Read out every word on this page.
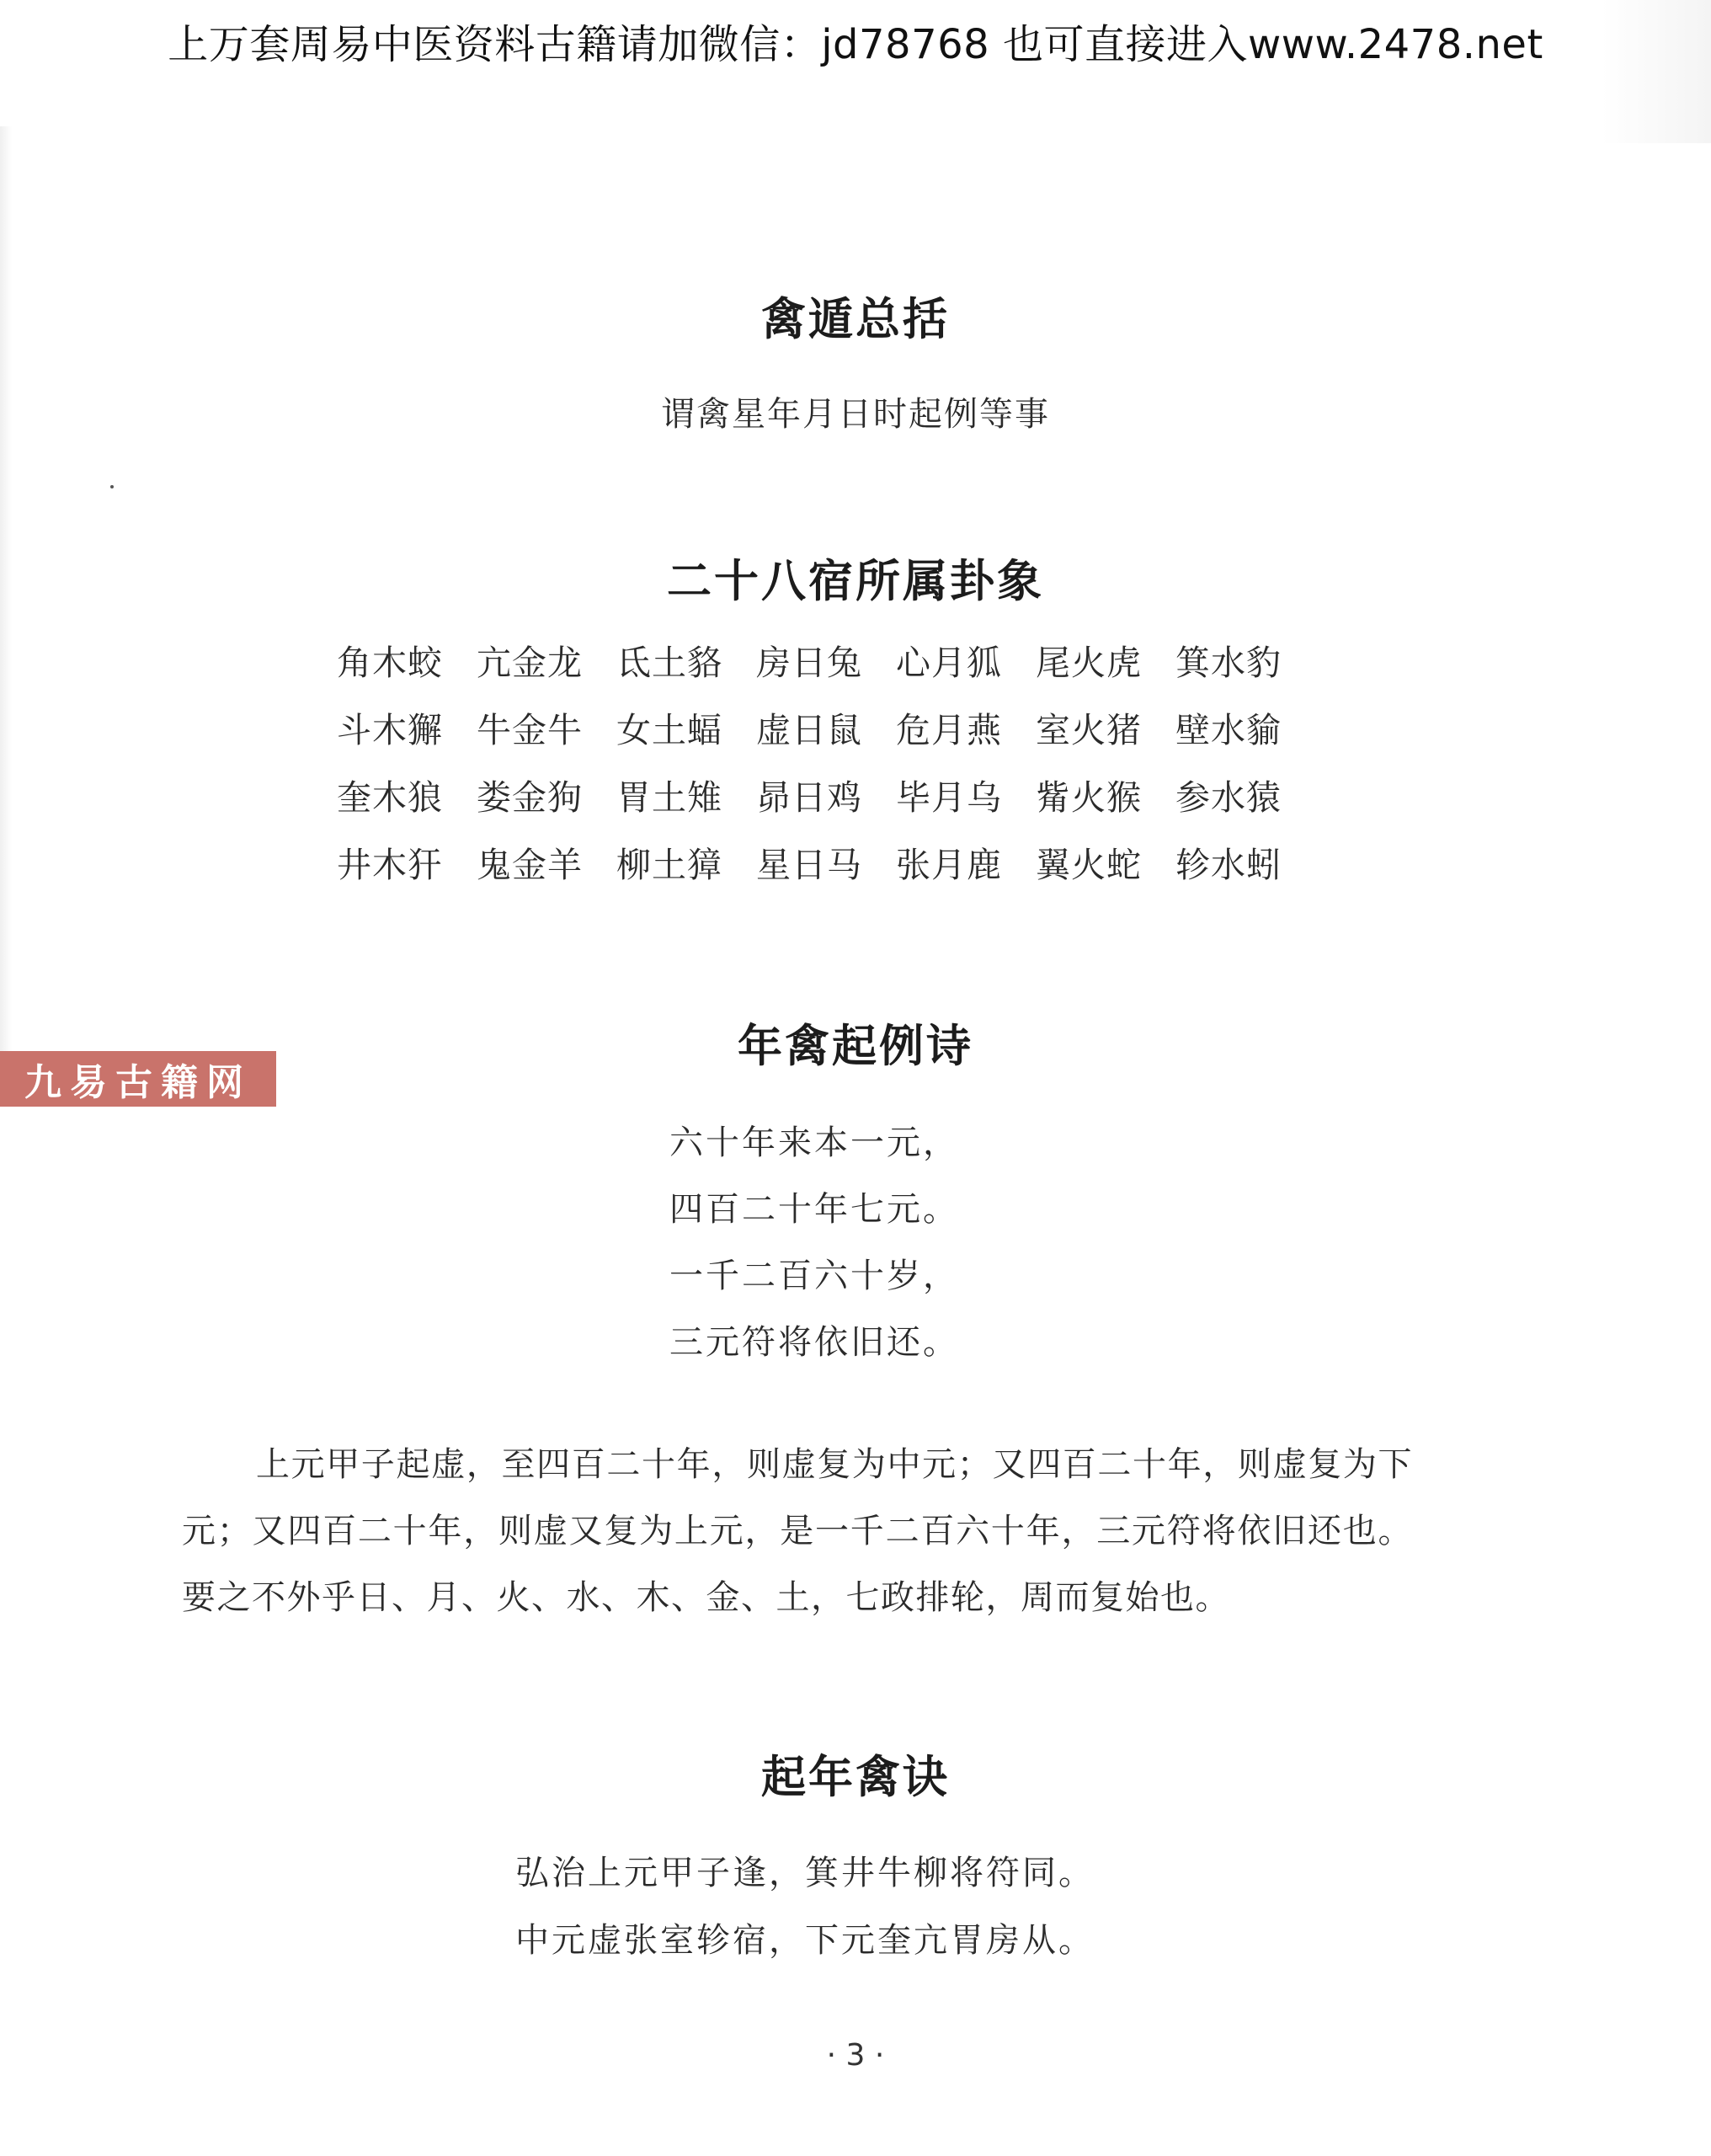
上万套周易中医资料古籍请加微信：jd78768 也可直接进入www.2478.net
禽遁总括
谓禽星年月日时起例等事
二十八宿所属卦象
角木蛟 亢金龙 氐土貉 房日兔 心月狐 尾火虎 箕水豹
斗木獬 牛金牛 女土蝠 虚日鼠 危月燕 室火猪 壁水貐
奎木狼 娄金狗 胃土雉 昴日鸡 毕月乌 觜火猴 参水猿
井木犴 鬼金羊 柳土獐 星日马 张月鹿 翼火蛇 轸水蚓
九易古籍网
年禽起例诗
六十年来本一元，
四百二十年七元。
一千二百六十岁，
三元符将依旧还。
上元甲子起虚，至四百二十年，则虚复为中元；又四百二十年，则虚复为下元；又四百二十年，则虚又复为上元，是一千二百六十年，三元符将依旧还也。要之不外乎日、月、火、水、木、金、土，七政排轮，周而复始也。
起年禽诀
弘治上元甲子逢，箕井牛柳将符同。
中元虚张室轸宿，下元奎亢胃房从。
· 3 ·
